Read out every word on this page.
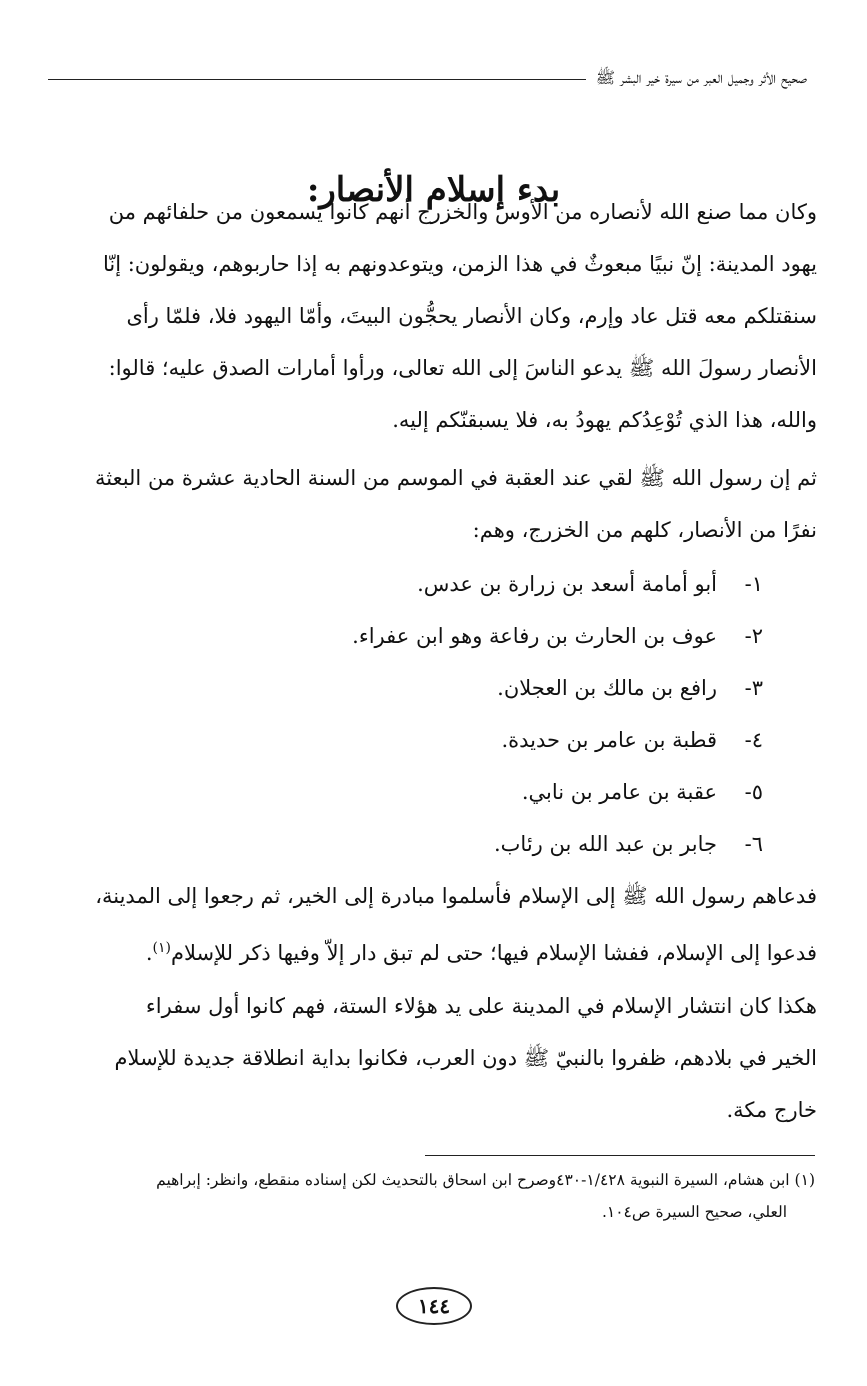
صحيح الأثر وجميل العبر من سيرة خير البشر ﷺ
بدء إسلام الأنصار:

وكان مما صنع الله لأنصاره من الأوس والخزرج أنهم كانوا يسمعون من حلفائهم من

يهود المدينة: إنّ نبيًا مبعوثٌ في هذا الزمن، ويتوعدونهم به إذا حاربوهم، ويقولون: إنّا

سنقتلكم معه قتل عاد وإرم، وكان الأنصار يحجُّون البيتَ، وأمّا اليهود فلا، فلمّا رأى

الأنصار رسولَ الله ﷺ يدعو الناسَ إلى الله تعالى، ورأوا أمارات الصدق عليه؛ قالوا:

والله، هذا الذي تُوْعِدُكم يهودُ به، فلا يسبقنّكم إليه.

ثم إن رسول الله ﷺ لقي عند العقبة في الموسم من السنة الحادية عشرة من البعثة

نفرًا من الأنصار، كلهم من الخزرج، وهم:

١-
أبو أمامة أسعد بن زرارة بن عدس.
٢-
عوف بن الحارث بن رفاعة وهو ابن عفراء.
٣-
رافع بن مالك بن العجلان.
٤-
قطبة بن عامر بن حديدة.
٥-
عقبة بن عامر بن نابي.
٦-
جابر بن عبد الله بن رئاب.

فدعاهم رسول الله ﷺ إلى الإسلام فأسلموا مبادرة إلى الخير، ثم رجعوا إلى المدينة،

فدعوا إلى الإسلام، ففشا الإسلام فيها؛ حتى لم تبق دار إلاّ وفيها ذكر للإسلام$^{(١)}$.

هكذا كان انتشار الإسلام في المدينة على يد هؤلاء الستة، فهم كانوا أول سفراء

الخير في بلادهم، ظفروا بالنبيّ ﷺ دون العرب، فكانوا بداية انطلاقة جديدة للإسلام

خارج مكة.

(١) ابن هشام، السيرة النبوية ١/٤٢٨-٤٣٠وصرح ابن اسحاق بالتحديث لكن إسناده منقطع، وانظر: إبراهيم

العلي، صحيح السيرة ص١٠٤.

١٤٤
